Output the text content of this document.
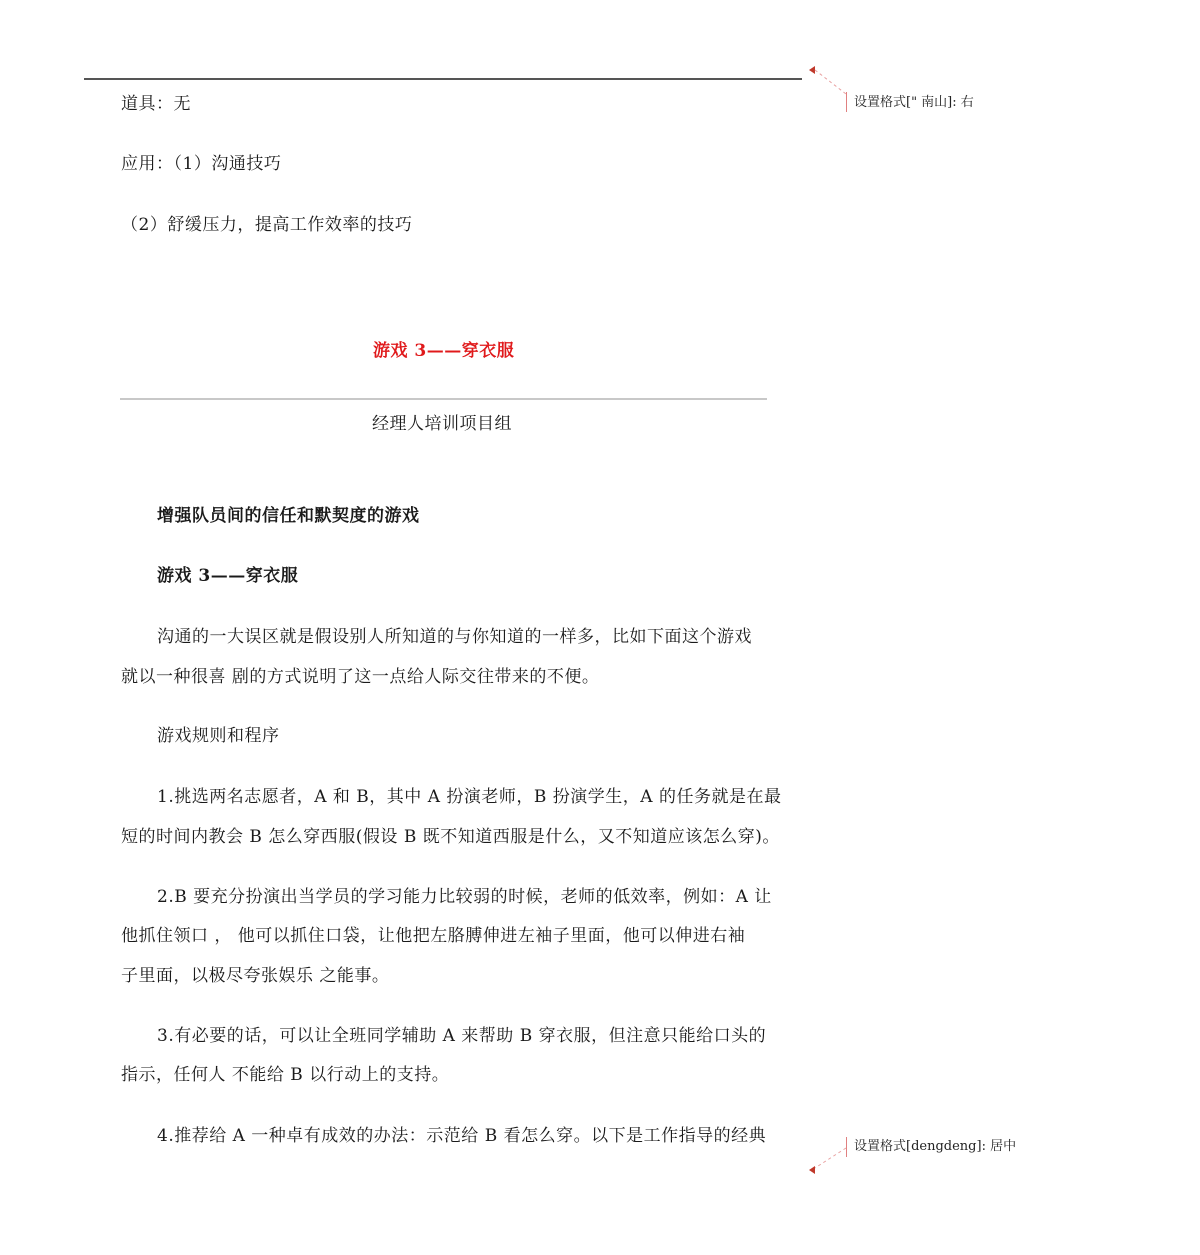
道具：无
应用：（1）沟通技巧
（2）舒缓压力，提高工作效率的技巧
游戏 3——穿衣服
经理人培训项目组
增强队员间的信任和默契度的游戏
游戏 3——穿衣服
沟通的一大误区就是假设别人所知道的与你知道的一样多，比如下面这个游戏
就以一种很喜 剧的方式说明了这一点给人际交往带来的不便。
游戏规则和程序
1.挑选两名志愿者，A 和 B，其中 A 扮演老师，B 扮演学生，A 的任务就是在最
短的时间内教会 B 怎么穿西服(假设 B 既不知道西服是什么，又不知道应该怎么穿)。
2.B 要充分扮演出当学员的学习能力比较弱的时候，老师的低效率，例如：A 让
他抓住领口 ， 他可以抓住口袋，让他把左胳膊伸进左袖子里面，他可以伸进右袖
子里面，以极尽夸张娱乐 之能事。
3.有必要的话，可以让全班同学辅助 A 来帮助 B 穿衣服，但注意只能给口头的
指示，任何人 不能给 B 以行动上的支持。
4.推荐给 A 一种卓有成效的办法：示范给 B 看怎么穿。以下是工作指导的经典
设置格式[" 南山]: 右
设置格式[dengdeng]: 居中
